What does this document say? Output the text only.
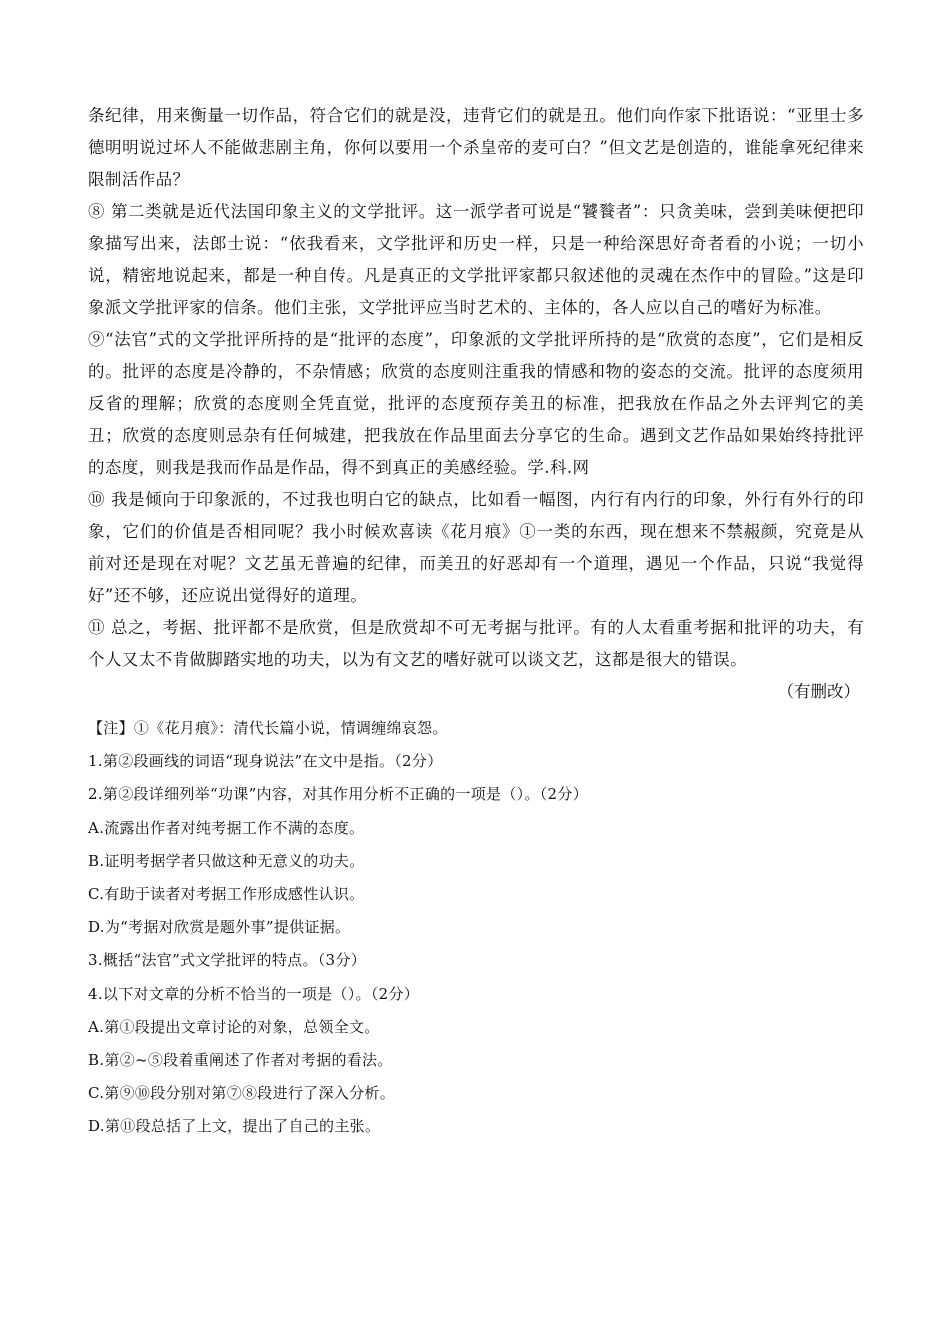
条纪律，用来衡量一切作品，符合它们的就是没，违背它们的就是丑。他们向作家下批语说：“亚里士多德明明说过坏人不能做悲剧主角，你何以要用一个杀皇帝的麦可白？”但文艺是创造的，谁能拿死纪律来限制活作品？

⑧ 第二类就是近代法国印象主义的文学批评。这一派学者可说是“饕餮者”：只贪美味，尝到美味便把印象描写出来，法郎士说：“依我看来，文学批评和历史一样，只是一种给深思好奇者看的小说；一切小说，精密地说起来，都是一种自传。凡是真正的文学批评家都只叙述他的灵魂在杰作中的冒险。”这是印象派文学批评家的信条。他们主张，文学批评应当时艺术的、主体的，各人应以自己的嗜好为标准。

⑨“法官”式的文学批评所持的是“批评的态度”，印象派的文学批评所持的是“欣赏的态度”，它们是相反的。批评的态度是冷静的，不杂情感；欣赏的态度则注重我的情感和物的姿态的交流。批评的态度须用反省的理解；欣赏的态度则全凭直觉，批评的态度预存美丑的标准，把我放在作品之外去评判它的美丑；欣赏的态度则忌杂有任何城建，把我放在作品里面去分享它的生命。遇到文艺作品如果始终持批评的态度，则我是我而作品是作品，得不到真正的美感经验。学.科.网

⑩ 我是倾向于印象派的，不过我也明白它的缺点，比如看一幅图，内行有内行的印象，外行有外行的印象，它们的价值是否相同呢？我小时候欢喜读《花月痕》①一类的东西，现在想来不禁赧颜，究竟是从前对还是现在对呢？文艺虽无普遍的纪律，而美丑的好恶却有一个道理，遇见一个作品，只说“我觉得好”还不够，还应说出觉得好的道理。

⑪ 总之，考据、批评都不是欣赏，但是欣赏却不可无考据与批评。有的人太看重考据和批评的功夫，有个人又太不肯做脚踏实地的功夫，以为有文艺的嗜好就可以谈文艺，这都是很大的错误。

（有删改）

【注】①《花月痕》：清代长篇小说，情调缠绵哀怨。

1.第②段画线的词语“现身说法”在文中是指。（2分）

2.第②段详细列举“功课”内容，对其作用分析不正确的一项是（）。（2分）

A.流露出作者对纯考据工作不满的态度。

B.证明考据学者只做这种无意义的功夫。

C.有助于读者对考据工作形成感性认识。

D.为“考据对欣赏是题外事”提供证据。

3.概括“法官”式文学批评的特点。（3分）

4.以下对文章的分析不恰当的一项是（）。（2分）

A.第①段提出文章讨论的对象，总领全文。

B.第②~⑤段着重阐述了作者对考据的看法。

C.第⑨⑩段分别对第⑦⑧段进行了深入分析。

D.第⑪段总括了上文，提出了自己的主张。
